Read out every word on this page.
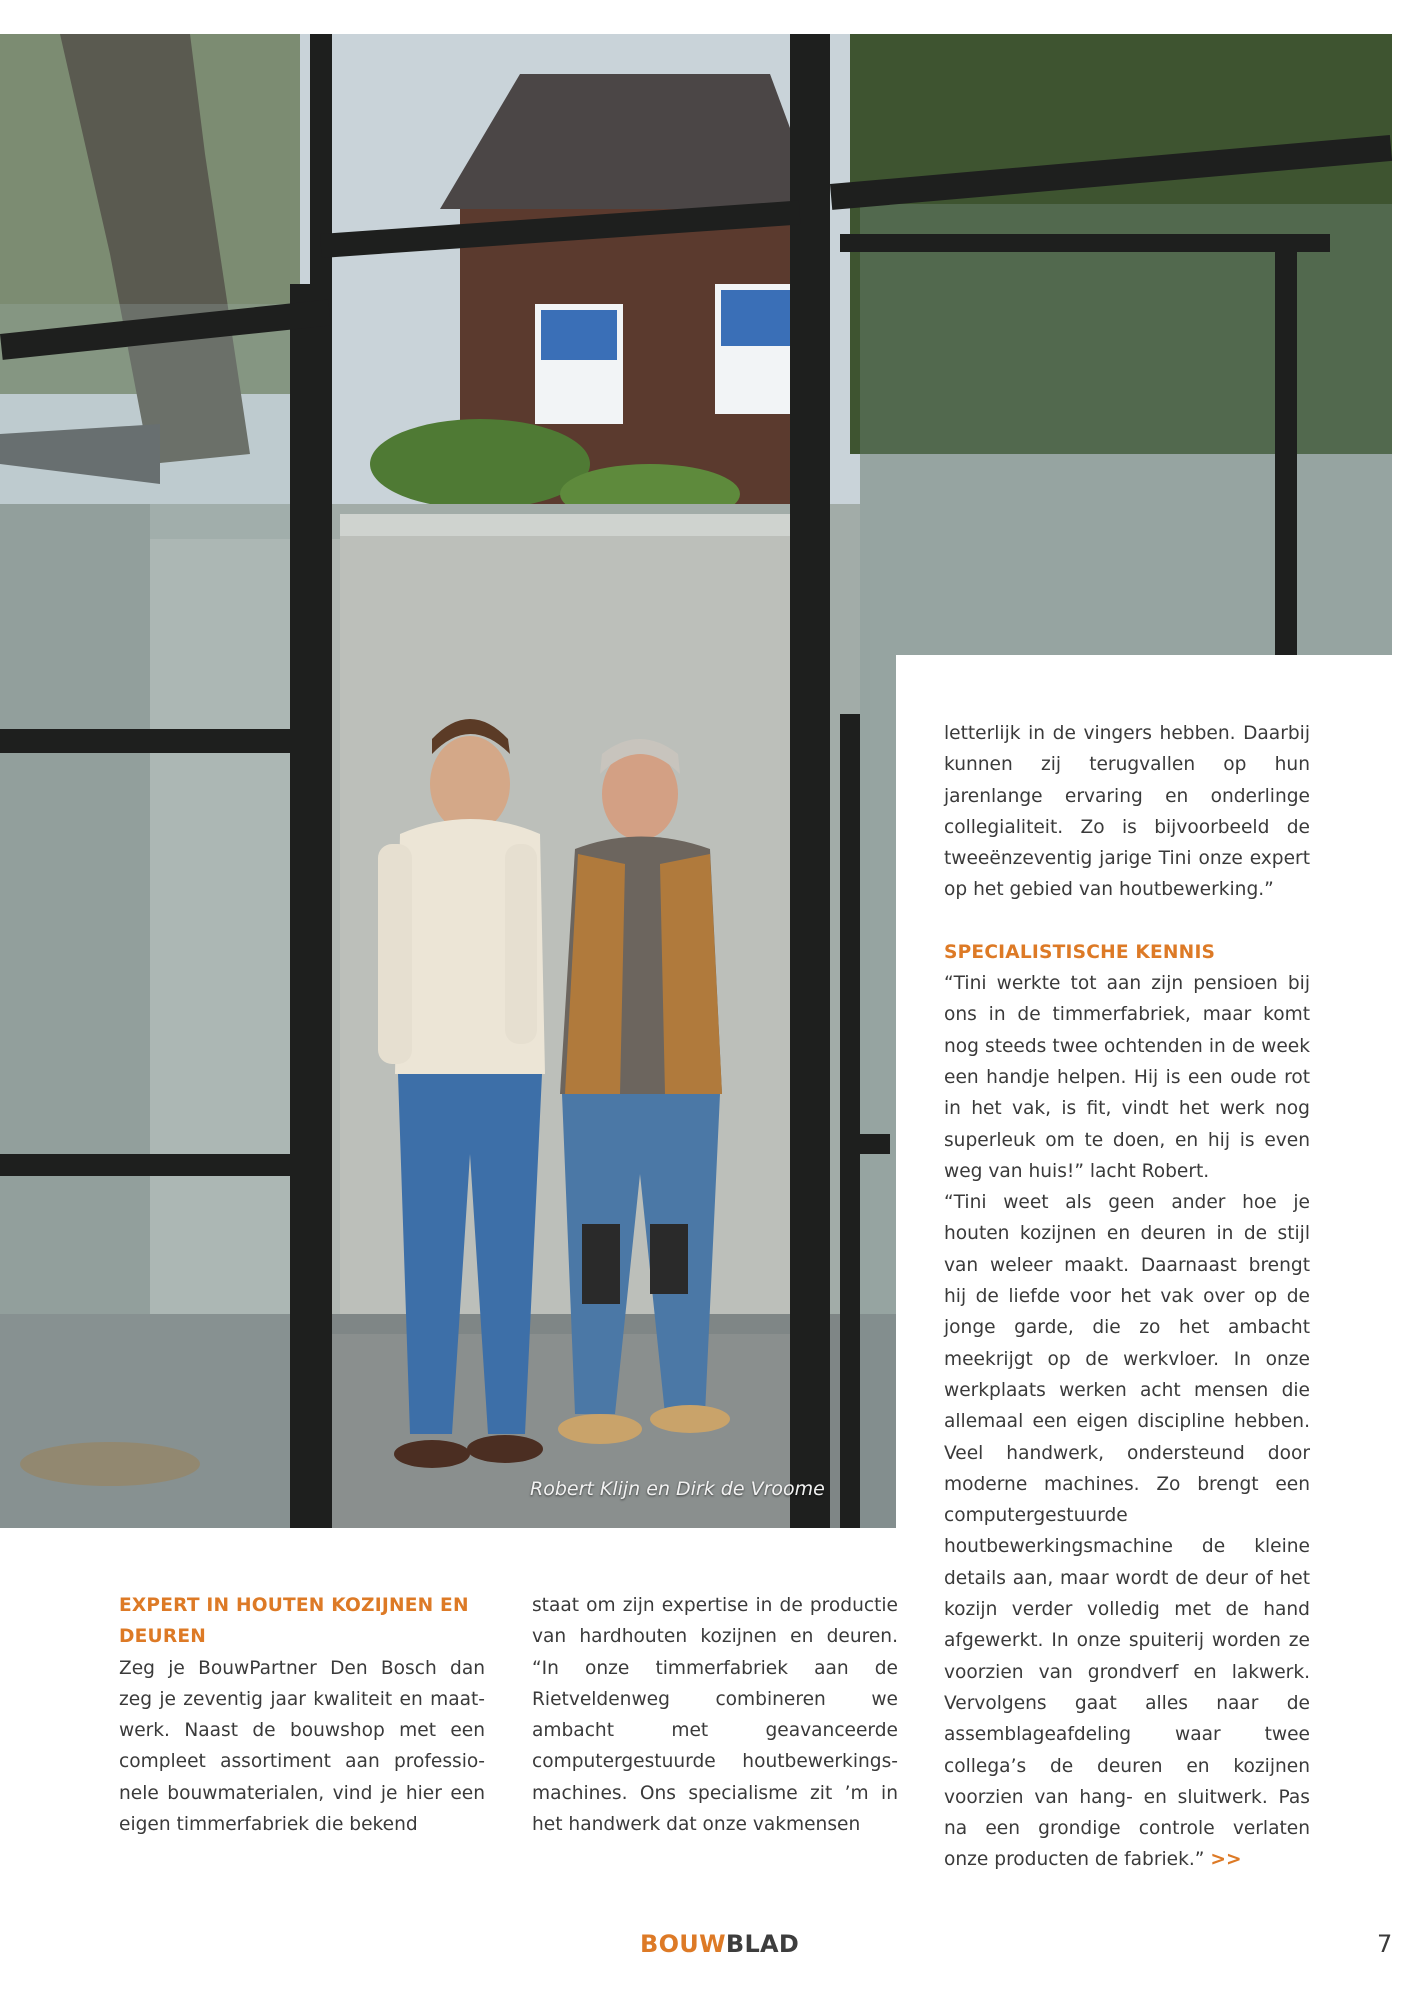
Robert Klijn en Dirk de Vroome
EXPERT IN HOUTEN KOZIJNEN EN DEUREN

Zeg je BouwPartner Den Bosch dan zeg je zeventig jaar kwaliteit en maatwerk. Naast de bouwshop met een compleet assortiment aan professionele bouwmaterialen, vind je hier een eigen timmerfabriek die bekend

staat om zijn expertise in de productie van hardhouten kozijnen en deuren. “In onze timmerfabriek aan de Rietveldenweg combineren we ambacht met geavanceerde computergestuurde houtbewerkingsmachines. Ons specialisme zit ’m in het handwerk dat onze vakmensen

letterlijk in de vingers hebben. Daarbij kunnen zij terugvallen op hun jarenlange ervaring en onderlinge collegialiteit. Zo is bijvoorbeeld de tweeënzeventig jarige Tini onze expert op het gebied van houtbewerking.”

SPECIALISTISCHE KENNIS

“Tini werkte tot aan zijn pensioen bij ons in de timmerfabriek, maar komt nog steeds twee ochtenden in de week een handje helpen. Hij is een oude rot in het vak, is fit, vindt het werk nog superleuk om te doen, en hij is even weg van huis!” lacht Robert.

“Tini weet als geen ander hoe je houten kozijnen en deuren in de stijl van weleer maakt. Daarnaast brengt hij de liefde voor het vak over op de jonge garde, die zo het ambacht meekrijgt op de werkvloer. In onze werkplaats werken acht mensen die allemaal een eigen discipline hebben. Veel handwerk, ondersteund door moderne machines. Zo brengt een computergestuurde houtbewerkingsmachine de kleine details aan, maar wordt de deur of het kozijn verder volledig met de hand afgewerkt. In onze spuiterij worden ze voorzien van grondverf en lakwerk. Vervolgens gaat alles naar de assemblageafdeling waar twee collega’s de deuren en kozijnen voorzien van hang- en sluitwerk. Pas na een grondige controle verlaten onze producten de fabriek.” >>

BOUWBLAD	7
